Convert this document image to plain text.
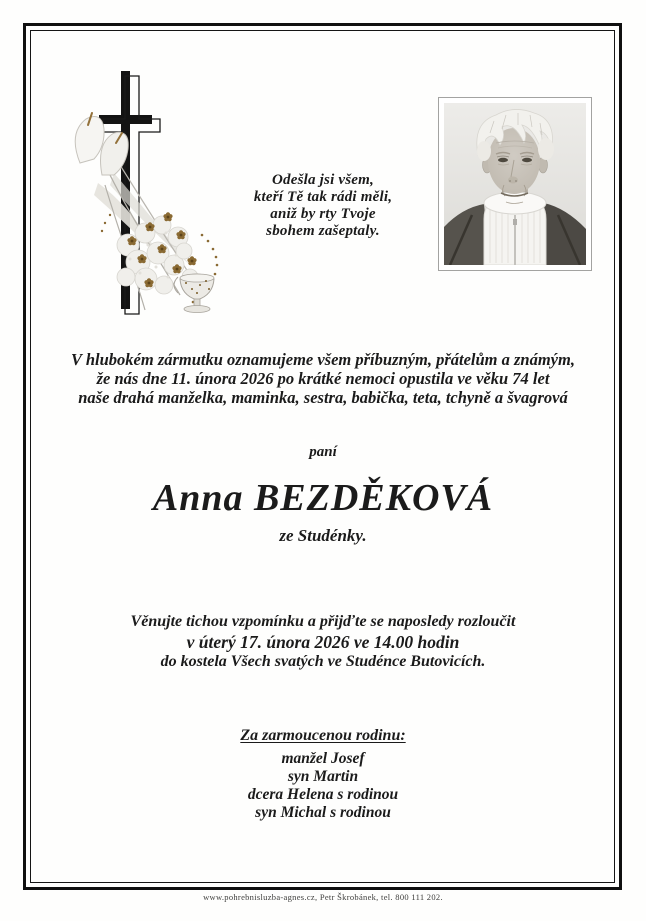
Odešla jsi všem,
kteří Tě tak rádi měli,
aniž by rty Tvoje
sbohem zašeptaly.
V hlubokém zármutku oznamujeme všem příbuzným, přátelům a známým,
že nás dne 11. února 2026 po krátké nemoci opustila ve věku 74 let
naše drahá manželka, maminka, sestra, babička, teta, tchyně a švagrová
paní
Anna BEZDĚKOVÁ
ze Studénky.
Věnujte tichou vzpomínku a přijďte se naposledy rozloučit
v úterý 17. února 2026 ve 14.00 hodin
do kostela Všech svatých ve Studénce Butovicích.
Za zarmoucenou rodinu:
manžel Josef
syn Martin
dcera Helena s rodinou
syn Michal s rodinou
www.pohrebnisluzba-agnes.cz, Petr Škrobánek, tel. 800 111 202.
